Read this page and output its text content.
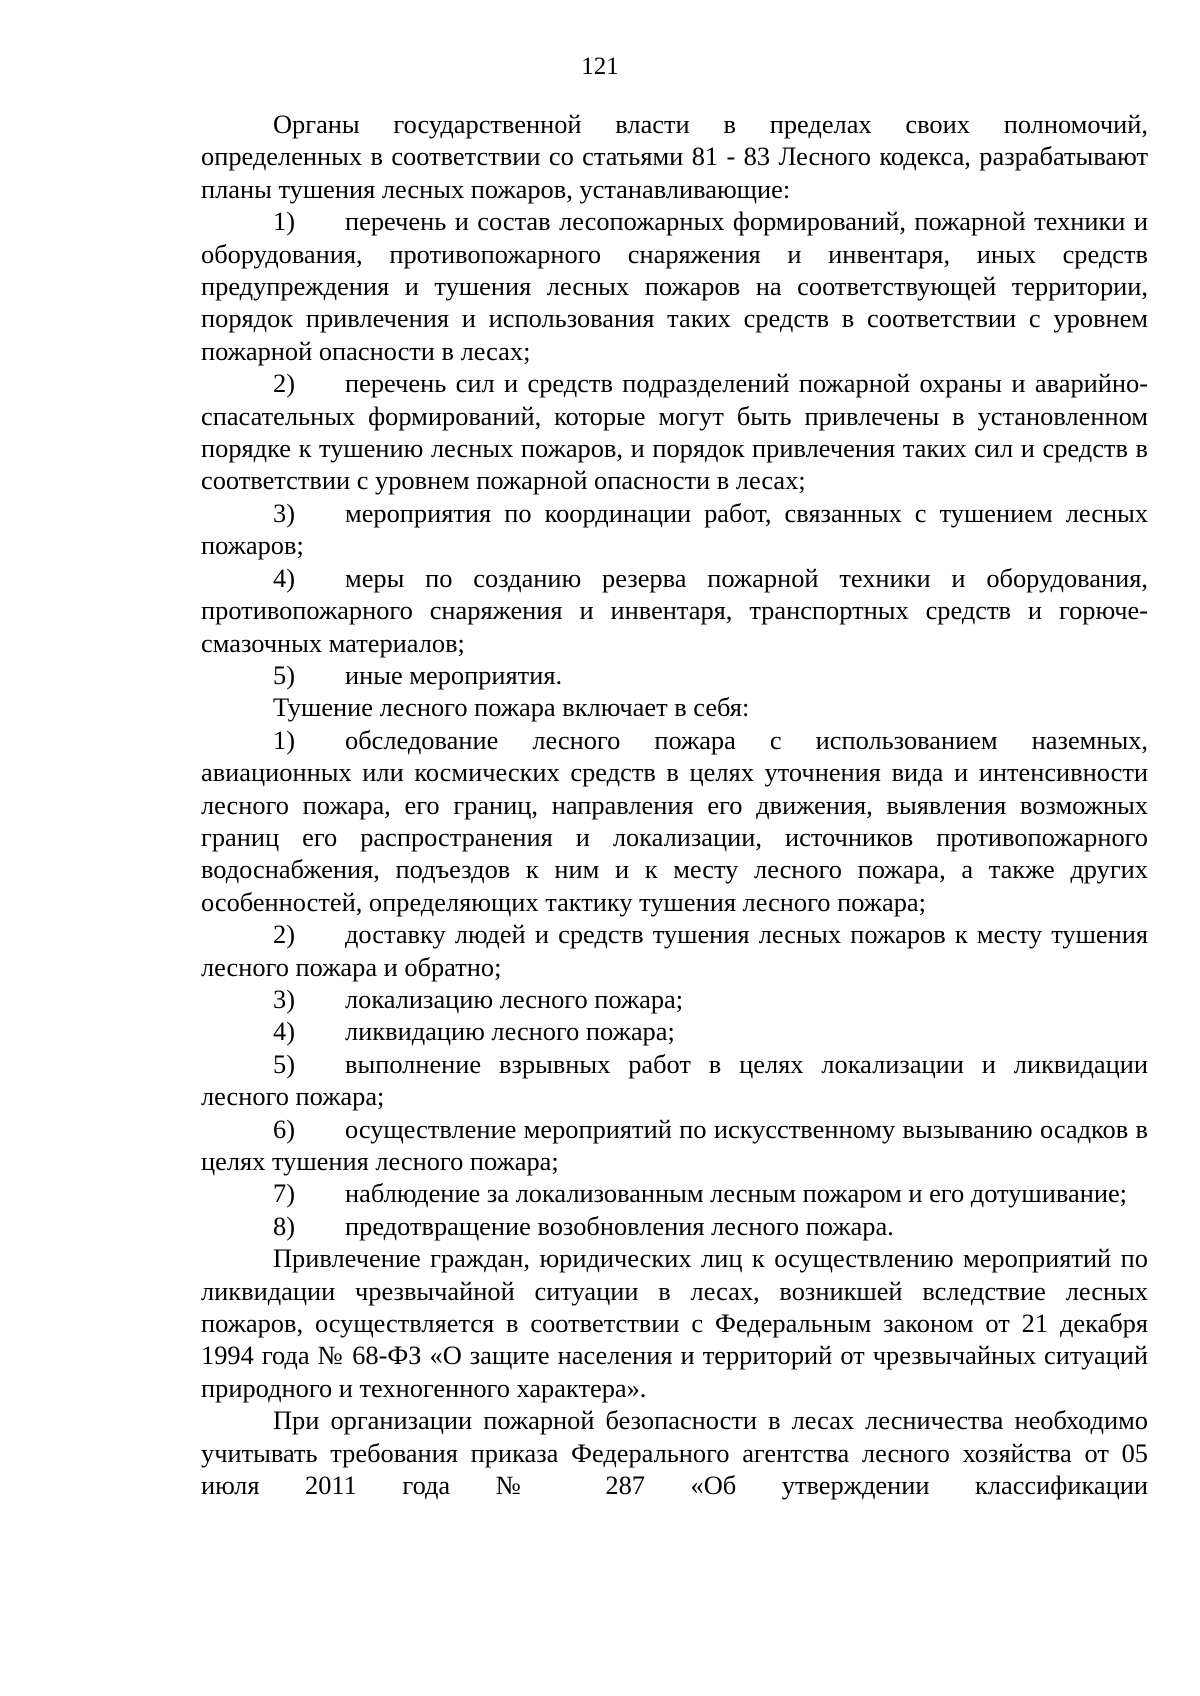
121

Органы государственной власти в пределах своих полномочий, определенных в соответствии со статьями 81 - 83 Лесного кодекса, разрабатывают планы тушения лесных пожаров, устанавливающие:

1) перечень и состав лесопожарных формирований, пожарной техники и оборудования, противопожарного снаряжения и инвентаря, иных средств предупреждения и тушения лесных пожаров на соответствующей территории, порядок привлечения и использования таких средств в соответствии с уровнем пожарной опасности в лесах;

2) перечень сил и средств подразделений пожарной охраны и аварийно-спасательных формирований, которые могут быть привлечены в установленном порядке к тушению лесных пожаров, и порядок привлечения таких сил и средств в соответствии с уровнем пожарной опасности в лесах;

3) мероприятия по координации работ, связанных с тушением лесных пожаров;

4) меры по созданию резерва пожарной техники и оборудования, противопожарного снаряжения и инвентаря, транспортных средств и горюче-смазочных материалов;

5) иные мероприятия.

Тушение лесного пожара включает в себя:

1) обследование лесного пожара с использованием наземных, авиационных или космических средств в целях уточнения вида и интенсивности лесного пожара, его границ, направления его движения, выявления возможных границ его распространения и локализации, источников противопожарного водоснабжения, подъездов к ним и к месту лесного пожара, а также других особенностей, определяющих тактику тушения лесного пожара;

2) доставку людей и средств тушения лесных пожаров к месту тушения лесного пожара и обратно;

3) локализацию лесного пожара;

4) ликвидацию лесного пожара;

5) выполнение взрывных работ в целях локализации и ликвидации лесного пожара;

6) осуществление мероприятий по искусственному вызыванию осадков в целях тушения лесного пожара;

7) наблюдение за локализованным лесным пожаром и его дотушивание;

8) предотвращение возобновления лесного пожара.

Привлечение граждан, юридических лиц к осуществлению мероприятий по ликвидации чрезвычайной ситуации в лесах, возникшей вследствие лесных пожаров, осуществляется в соответствии с Федеральным законом от 21 декабря 1994 года № 68-ФЗ «О защите населения и территорий от чрезвычайных ситуаций природного и техногенного характера».

При организации пожарной безопасности в лесах лесничества необходимо учитывать требования приказа Федерального агентства лесного хозяйства от 05 июля 2011 года № 287 «Об утверждении классификации
